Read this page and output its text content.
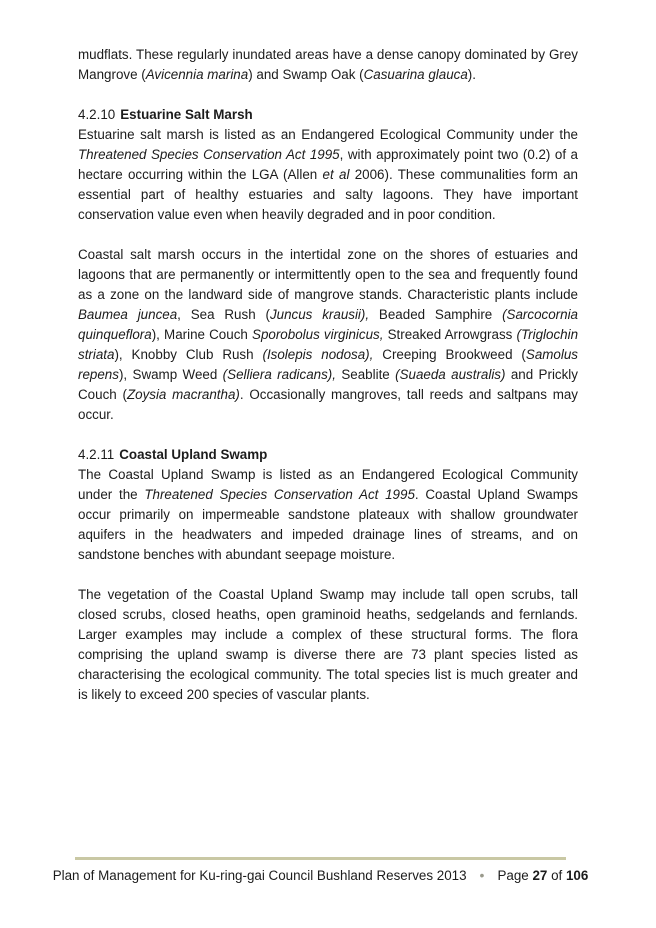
mudflats. These regularly inundated areas have a dense canopy dominated by Grey Mangrove (Avicennia marina) and Swamp Oak (Casuarina glauca).

4.2.10 Estuarine Salt Marsh

Estuarine salt marsh is listed as an Endangered Ecological Community under the Threatened Species Conservation Act 1995, with approximately point two (0.2) of a hectare occurring within the LGA (Allen et al 2006). These communalities form an essential part of healthy estuaries and salty lagoons. They have important conservation value even when heavily degraded and in poor condition.

Coastal salt marsh occurs in the intertidal zone on the shores of estuaries and lagoons that are permanently or intermittently open to the sea and frequently found as a zone on the landward side of mangrove stands. Characteristic plants include Baumea juncea, Sea Rush (Juncus krausii), Beaded Samphire (Sarcocornia quinqueflora), Marine Couch Sporobolus virginicus, Streaked Arrowgrass (Triglochin striata), Knobby Club Rush (Isolepis nodosa), Creeping Brookweed (Samolus repens), Swamp Weed (Selliera radicans), Seablite (Suaeda australis) and Prickly Couch (Zoysia macrantha). Occasionally mangroves, tall reeds and saltpans may occur.

4.2.11 Coastal Upland Swamp

The Coastal Upland Swamp is listed as an Endangered Ecological Community under the Threatened Species Conservation Act 1995. Coastal Upland Swamps occur primarily on impermeable sandstone plateaux with shallow groundwater aquifers in the headwaters and impeded drainage lines of streams, and on sandstone benches with abundant seepage moisture.

The vegetation of the Coastal Upland Swamp may include tall open scrubs, tall closed scrubs, closed heaths, open graminoid heaths, sedgelands and fernlands. Larger examples may include a complex of these structural forms. The flora comprising the upland swamp is diverse there are 73 plant species listed as characterising the ecological community. The total species list is much greater and is likely to exceed 200 species of vascular plants.

Plan of Management for Ku-ring-gai Council Bushland Reserves 2013 • Page 27 of 106
